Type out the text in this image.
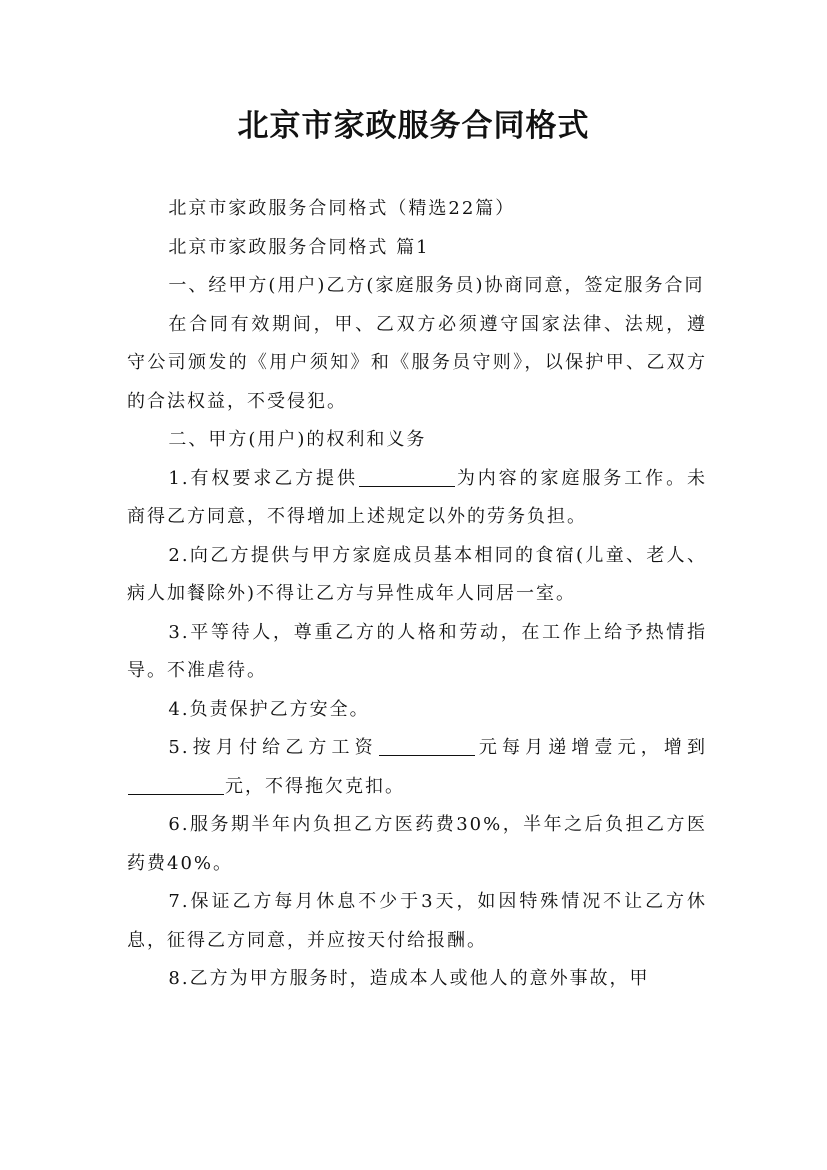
北京市家政服务合同格式

北京市家政服务合同格式（精选22篇）

北京市家政服务合同格式 篇1

一、经甲方(用户)乙方(家庭服务员)协商同意，签定服务合同

在合同有效期间，甲、乙双方必须遵守国家法律、法规，遵守公司颁发的《用户须知》和《服务员守则》，以保护甲、乙双方的合法权益，不受侵犯。

二、甲方(用户)的权利和义务

1.有权要求乙方提供	为内容的家庭服务工作。未商得乙方同意，不得增加上述规定以外的劳务负担。

2.向乙方提供与甲方家庭成员基本相同的食宿(儿童、老人、病人加餐除外)不得让乙方与异性成年人同居一室。

3.平等待人，尊重乙方的人格和劳动，在工作上给予热情指导。不准虐待。

4.负责保护乙方安全。

5.按月付给乙方工资	元每月递增壹元，增到元，不得拖欠克扣。

6.服务期半年内负担乙方医药费30%，半年之后负担乙方医药费40%。

7.保证乙方每月休息不少于3天，如因特殊情况不让乙方休息，征得乙方同意，并应按天付给报酬。

8.乙方为甲方服务时，造成本人或他人的意外事故，甲
